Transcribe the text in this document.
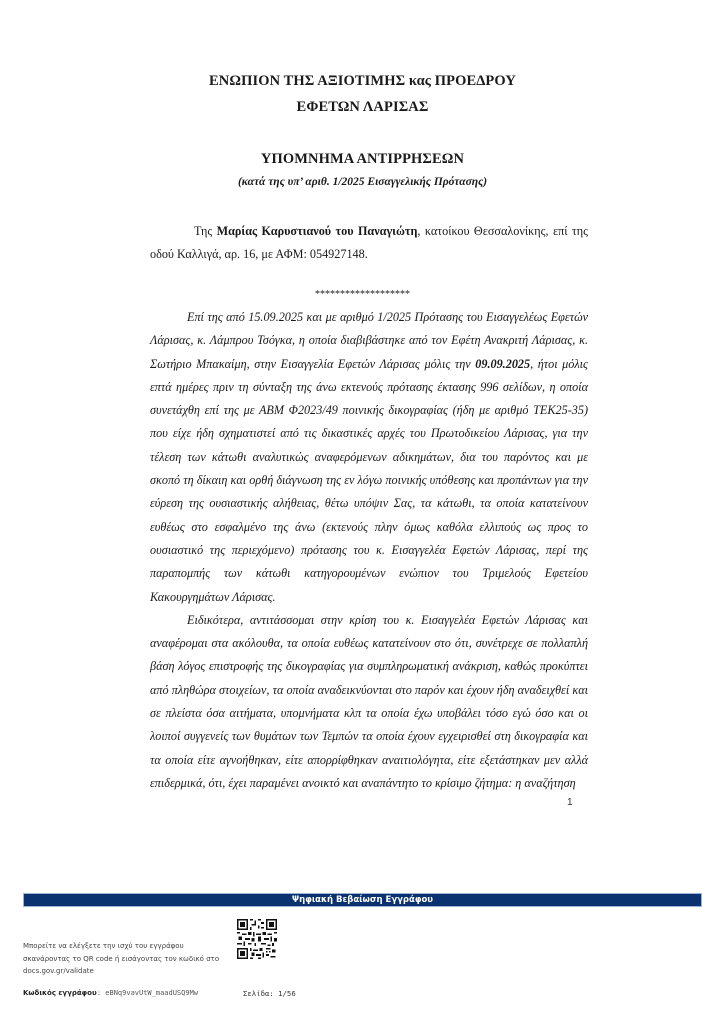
ΕΝΩΠΙΟΝ ΤΗΣ ΑΞΙΟΤΙΜΗΣ κας ΠΡΟΕΔΡΟΥ
ΕΦΕΤΩΝ ΛΑΡΙΣΑΣ
ΥΠΟΜΝΗΜΑ ΑΝΤΙΡΡΗΣΕΩΝ
(κατά της υπ’ αριθ. 1/2025 Εισαγγελικής Πρότασης)

Της Μαρίας Καρυστιανού του Παναγιώτη, κατοίκου Θεσσαλονίκης, επί της οδού Καλλιγά, αρ. 16, με ΑΦΜ: 054927148.

*******************

Επί της από 15.09.2025 και με αριθμό 1/2025 Πρότασης του Εισαγγελέως Εφετών Λάρισας, κ. Λάμπρου Τσόγκα, η οποία διαβιβάστηκε από τον Εφέτη Ανακριτή Λάρισας, κ. Σωτήριο Μπακαίμη, στην Εισαγγελία Εφετών Λάρισας μόλις την 09.09.2025, ήτοι μόλις επτά ημέρες πριν τη σύνταξη της άνω εκτενούς πρότασης έκτασης 996 σελίδων, η οποία συνετάχθη επί της με ΑΒΜ Φ2023/49 ποινικής δικογραφίας (ήδη με αριθμό ΤΕΚ25-35) που είχε ήδη σχηματιστεί από τις δικαστικές αρχές του Πρωτοδικείου Λάρισας, για την τέλεση των κάτωθι αναλυτικώς αναφερόμενων αδικημάτων, δια του παρόντος και με σκοπό τη δίκαιη και ορθή διάγνωση της εν λόγω ποινικής υπόθεσης και προπάντων για την εύρεση της ουσιαστικής αλήθειας, θέτω υπόψιν Σας, τα κάτωθι, τα οποία κατατείνουν ευθέως στο εσφαλμένο της άνω (εκτενούς πλην όμως καθόλα ελλιπούς ως προς το ουσιαστικό της περιεχόμενο) πρότασης του κ. Εισαγγελέα Εφετών Λάρισας, περί της παραπομπής των κάτωθι κατηγορουμένων ενώπιον του Τριμελούς Εφετείου Κακουργημάτων Λάρισας.

Ειδικότερα, αντιτάσσομαι στην κρίση του κ. Εισαγγελέα Εφετών Λάρισας και αναφέρομαι στα ακόλουθα, τα οποία ευθέως κατατείνουν στο ότι, συνέτρεχε σε πολλαπλή βάση λόγος επιστροφής της δικογραφίας για συμπληρωματική ανάκριση, καθώς προκύπτει από πληθώρα στοιχείων, τα οποία αναδεικνύονται στο παρόν και έχουν ήδη αναδειχθεί και σε πλείστα όσα αιτήματα, υπομνήματα κλπ τα οποία έχω υποβάλει τόσο εγώ όσο και οι λοιποί συγγενείς των θυμάτων των Τεμπών τα οποία έχουν εγχειρισθεί στη δικογραφία και τα οποία είτε αγνοήθηκαν, είτε απορρίφθηκαν αναιτιολόγητα, είτε εξετάστηκαν μεν αλλά επιδερμικά, ότι, έχει παραμένει ανοικτό και αναπάντητο το κρίσιμο ζήτημα: η αναζήτηση

1
Ψηφιακή Βεβαίωση Εγγράφου
Μπορείτε να ελέγξετε την ισχύ του εγγράφου σκανάροντας το QR code ή εισάγοντας τον κωδικό στο docs.gov.gr/validate
Κωδικός εγγράφου: eBNq9vavUtW_maadUSQ9Mw	Σελίδα: 1/56
